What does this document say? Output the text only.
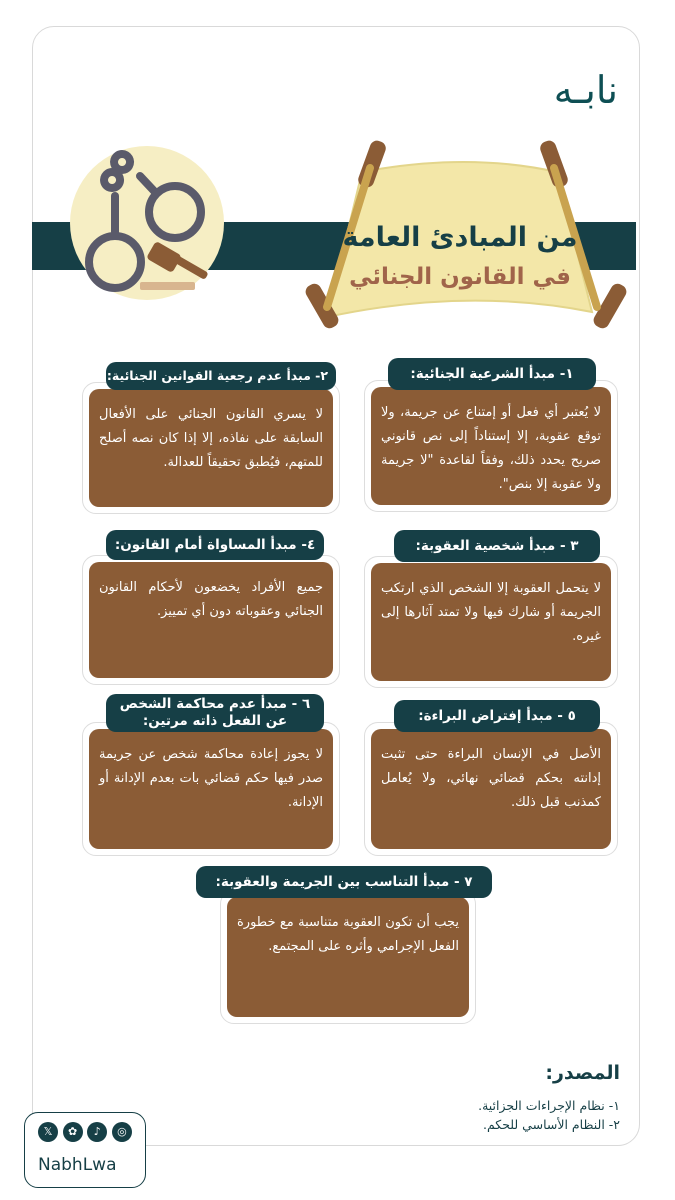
نابـه
من المبادئ العامة
في القانون الجنائي
لا يُعتبر أي فعل أو إمتناع عن جريمة، ولا توقع عقوبة، إلا إستناداً إلى نص قانوني صريح يحدد ذلك، وفقاً لقاعدة "لا جريمة ولا عقوبة إلا بنص".
١- مبدأ الشرعية الجنائية:
لا يسري القانون الجنائي على الأفعال السابقة على نفاذه، إلا إذا كان نصه أصلح للمتهم، فيُطبق تحقيقاً للعدالة.
٢- مبدأ عدم رجعية القوانين الجنائية:
لا يتحمل العقوبة إلا الشخص الذي ارتكب الجريمة أو شارك فيها ولا تمتد آثارها إلى غيره.
٣ - مبدأ شخصية العقوبة:
جميع الأفراد يخضعون لأحكام القانون الجنائي وعقوباته دون أي تمييز.
٤- مبدأ المساواة أمام القانون:
الأصل في الإنسان البراءة حتى تثبت إدانته بحكم قضائي نهائي، ولا يُعامل كمذنب قبل ذلك.
٥ - مبدأ إفتراض البراءة:
لا يجوز إعادة محاكمة شخص عن جريمة صدر فيها حكم قضائي بات بعدم الإدانة أو الإدانة.
٦ - مبدأ عدم محاكمة الشخص عن الفعل ذاته مرتين:
يجب أن تكون العقوبة متناسبة مع خطورة الفعل الإجرامي وأثره على المجتمع.
٧ - مبدأ التناسب بين الجريمة والعقوبة:
المصدر:
١- نظام الإجراءات الجزائية.
٢- النظام الأساسي للحكم.
𝕏	✿	♪	◎
NabhLwa
